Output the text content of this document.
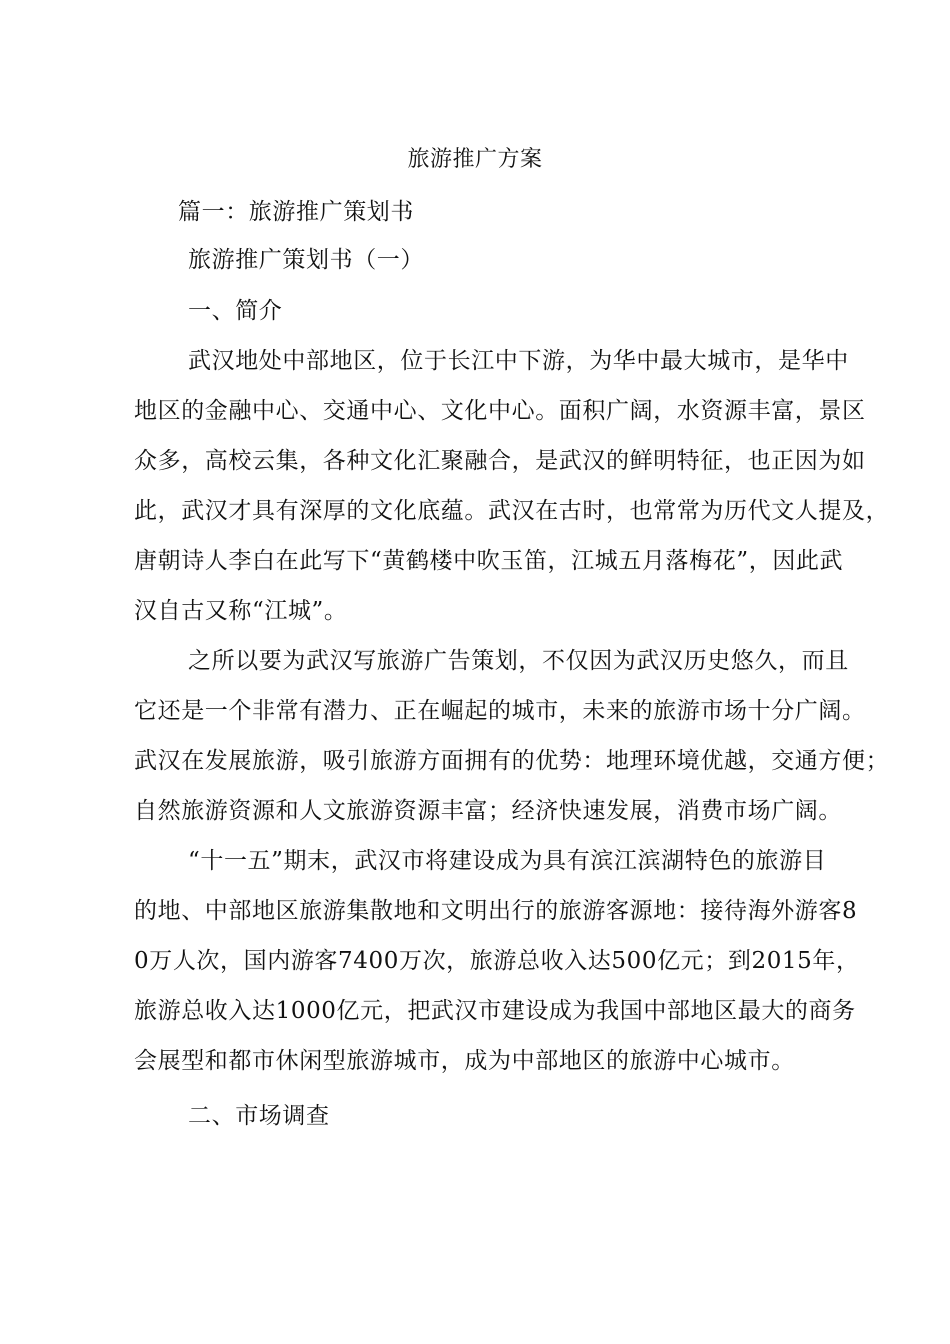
旅游推广方案
篇一：旅游推广策划书
旅游推广策划书（一）
一、简介
武汉地处中部地区，位于长江中下游，为华中最大城市，是华中
地区的金融中心、交通中心、文化中心。面积广阔，水资源丰富，景区
众多，高校云集，各种文化汇聚融合，是武汉的鲜明特征，也正因为如
此，武汉才具有深厚的文化底蕴。武汉在古时，也常常为历代文人提及，
唐朝诗人李白在此写下“黄鹤楼中吹玉笛，江城五月落梅花”，因此武
汉自古又称“江城”。
之所以要为武汉写旅游广告策划，不仅因为武汉历史悠久，而且
它还是一个非常有潜力、正在崛起的城市，未来的旅游市场十分广阔。
武汉在发展旅游，吸引旅游方面拥有的优势：地理环境优越，交通方便；
自然旅游资源和人文旅游资源丰富；经济快速发展，消费市场广阔。
“十一五”期末，武汉市将建设成为具有滨江滨湖特色的旅游目
的地、中部地区旅游集散地和文明出行的旅游客源地：接待海外游客8
0万人次，国内游客7400万次，旅游总收入达500亿元；到2015年，
旅游总收入达1000亿元，把武汉市建设成为我国中部地区最大的商务
会展型和都市休闲型旅游城市，成为中部地区的旅游中心城市。
二、市场调查
